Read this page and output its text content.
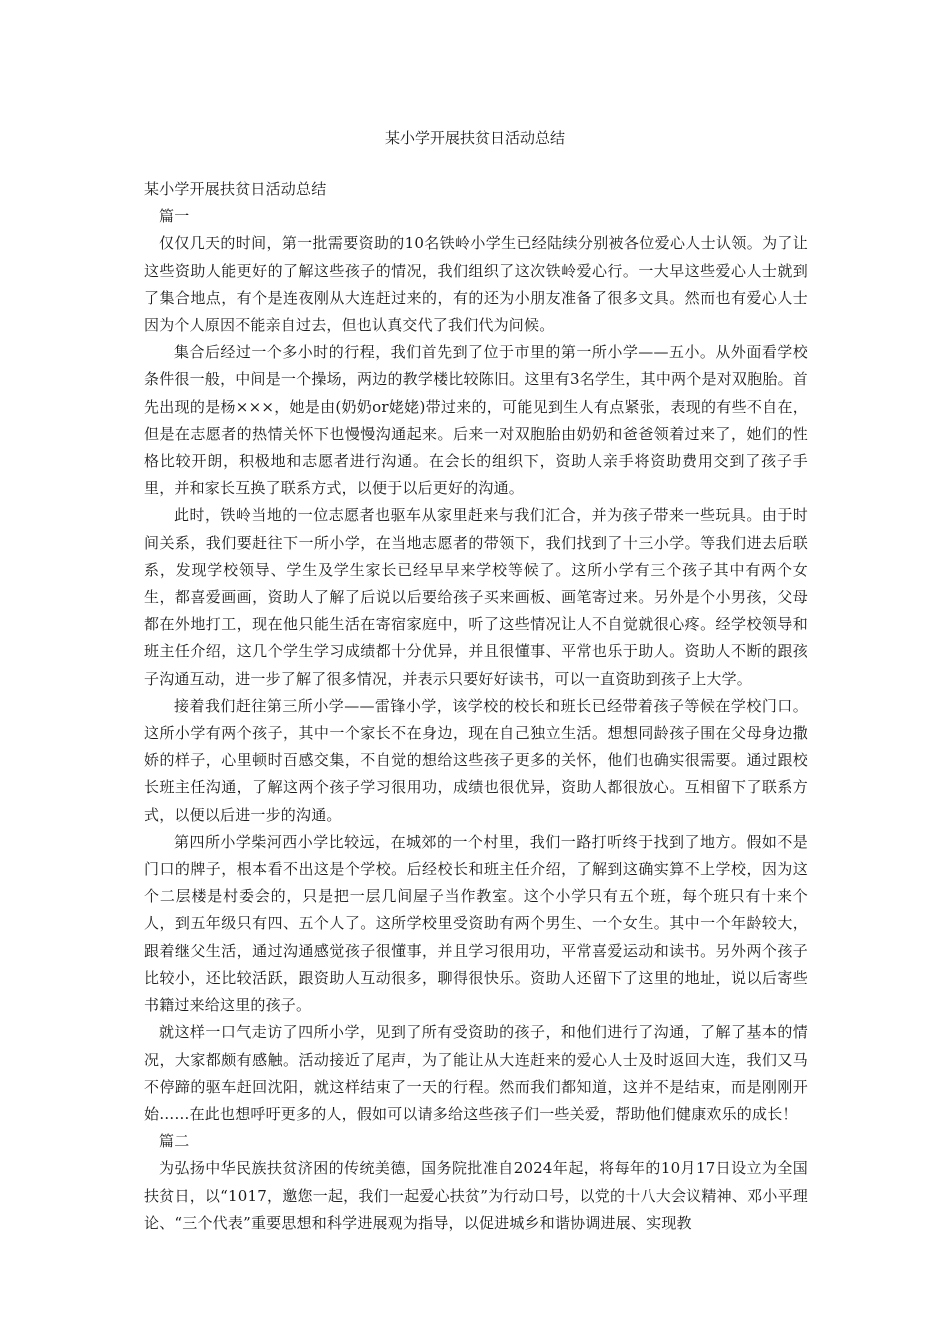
某小学开展扶贫日活动总结

某小学开展扶贫日活动总结

篇一

仅仅几天的时间，第一批需要资助的10名铁岭小学生已经陆续分别被各位爱心人士认领。为了让这些资助人能更好的了解这些孩子的情况，我们组织了这次铁岭爱心行。一大早这些爱心人士就到了集合地点，有个是连夜刚从大连赶过来的，有的还为小朋友准备了很多文具。然而也有爱心人士因为个人原因不能亲自过去，但也认真交代了我们代为问候。

集合后经过一个多小时的行程，我们首先到了位于市里的第一所小学——五小。从外面看学校条件很一般，中间是一个操场，两边的教学楼比较陈旧。这里有3名学生，其中两个是对双胞胎。首先出现的是杨×××，她是由(奶奶or姥姥)带过来的，可能见到生人有点紧张，表现的有些不自在，但是在志愿者的热情关怀下也慢慢沟通起来。后来一对双胞胎由奶奶和爸爸领着过来了，她们的性格比较开朗，积极地和志愿者进行沟通。在会长的组织下，资助人亲手将资助费用交到了孩子手里，并和家长互换了联系方式，以便于以后更好的沟通。

此时，铁岭当地的一位志愿者也驱车从家里赶来与我们汇合，并为孩子带来一些玩具。由于时间关系，我们要赶往下一所小学，在当地志愿者的带领下，我们找到了十三小学。等我们进去后联系，发现学校领导、学生及学生家长已经早早来学校等候了。这所小学有三个孩子其中有两个女生，都喜爱画画，资助人了解了后说以后要给孩子买来画板、画笔寄过来。另外是个小男孩，父母都在外地打工，现在他只能生活在寄宿家庭中，听了这些情况让人不自觉就很心疼。经学校领导和班主任介绍，这几个学生学习成绩都十分优异，并且很懂事、平常也乐于助人。资助人不断的跟孩子沟通互动，进一步了解了很多情况，并表示只要好好读书，可以一直资助到孩子上大学。

接着我们赶往第三所小学——雷锋小学，该学校的校长和班长已经带着孩子等候在学校门口。这所小学有两个孩子，其中一个家长不在身边，现在自己独立生活。想想同龄孩子围在父母身边撒娇的样子，心里顿时百感交集，不自觉的想给这些孩子更多的关怀，他们也确实很需要。通过跟校长班主任沟通，了解这两个孩子学习很用功，成绩也很优异，资助人都很放心。互相留下了联系方式，以便以后进一步的沟通。

第四所小学柴河西小学比较远，在城郊的一个村里，我们一路打听终于找到了地方。假如不是门口的牌子，根本看不出这是个学校。后经校长和班主任介绍，了解到这确实算不上学校，因为这个二层楼是村委会的，只是把一层几间屋子当作教室。这个小学只有五个班，每个班只有十来个人，到五年级只有四、五个人了。这所学校里受资助有两个男生、一个女生。其中一个年龄较大，跟着继父生活，通过沟通感觉孩子很懂事，并且学习很用功，平常喜爱运动和读书。另外两个孩子比较小，还比较活跃，跟资助人互动很多，聊得很快乐。资助人还留下了这里的地址，说以后寄些书籍过来给这里的孩子。

就这样一口气走访了四所小学，见到了所有受资助的孩子，和他们进行了沟通，了解了基本的情况，大家都颇有感触。活动接近了尾声，为了能让从大连赶来的爱心人士及时返回大连，我们又马不停蹄的驱车赶回沈阳，就这样结束了一天的行程。然而我们都知道，这并不是结束，而是刚刚开始……在此也想呼吁更多的人，假如可以请多给这些孩子们一些关爱，帮助他们健康欢乐的成长！

篇二

为弘扬中华民族扶贫济困的传统美德，国务院批准自2024年起，将每年的10月17日设立为全国扶贫日，以“1017，邀您一起，我们一起爱心扶贫”为行动口号，以党的十八大会议精神、邓小平理论、“三个代表”重要思想和科学进展观为指导，以促进城乡和谐协调进展、实现教
